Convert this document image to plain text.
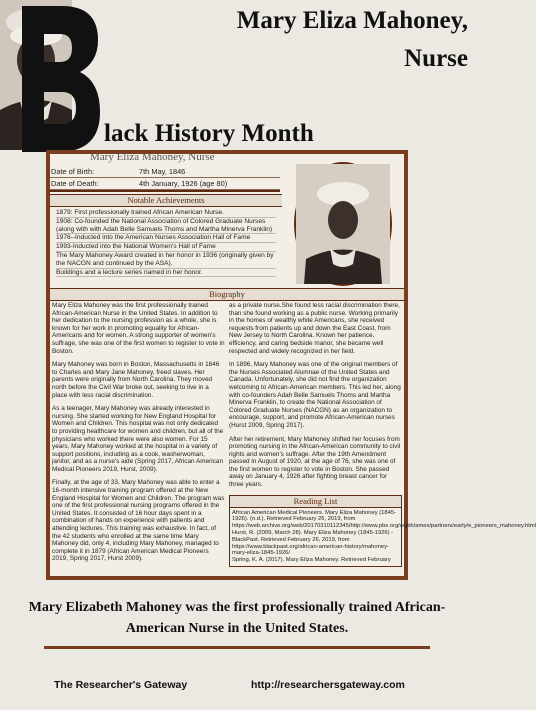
Mary Eliza Mahoney,
Nurse
lack History Month
Mary Eliza Mahoney, Nurse
Date of Birth:	7th May, 1846
Date of Death:	4th January, 1926 (age 80)
Notable Achievements
1879: First professionally trained African American Nurse.
1908: Co-founded the National Association of Colored Graduate Nurses (along with with Adah Belle Samuels Thoms and Martha Minerva Franklin)
1976--Inducted into the American Nurses Association Hall of Fame
1993-Inducted into the National Women's Hall of Fame
The Mary Mahoney Award created in her honor in 1936 (originally given by the NACGN and continued by the ASA).
Buildings and a lecture series named in her honor.
Biography

Mary Eliza Mahoney was the first professionally trained African-American Nurse in the United States. In addition to her dedication to the nursing profession as a whole, she is known for her work in promoting equality for African-Americans and for women. A strong supporter of women's suffrage, she was one of the first women to register to vote in Boston.

Mary Mahoney was born in Boston, Massachusetts in 1846 to Charles and Mary Jane Mahoney, freed slaves. Her parents were originally from North Carolina. They moved north before the Civil War broke out, seeking to live in a place with less racial discrimination.

As a teenager, Mary Mahoney was already interested in nursing. She started working for New England Hospital for Women and Children. This hospital was not only dedicated to providing healthcare for women and children, but all of the physicians who worked there were also women. For 15 years, Mary Mahoney worked at the hospital in a variety of support positions, including as a cook, washerwoman, janitor, and as a nurse's aide (Spring 2017, African American Medical Pioneers 2019, Hurst, 2009).

Finally, at the age of 33, Mary Mahoney was able to enter a 16-month intensive training program offered at the New England Hospital for Women and Children. The program was one of the first professional nursing programs offered in the United States. It consisted of 16 hour days spent in a combination of hands on experience with patients and attending lectures. This training was exhaustive. In fact, of the 42 students who enrolled at the same time Mary Mahoney did, only 4, including Mary Mahoney, managed to complete it in 1879 (African American Medical Pioneers 2019, Spring 2017, Hurst 2009).

as a private nurse.She found less racial discrimination there, than she found working as a public nurse. Working primarily in the homes of wealthy white Americans, she received requests from patients up and down the East Coast, from New Jersey to North Carolina. Known her patience, efficiency, and caring bedside manor, she became well respected and widely recognized in her field.

In 1896, Mary Mahoney was one of the original members of the Nurses Associated Alumnae of the United States and Canada. Unfortunately, she did not find the organization welcoming to African-American members. This led her, along with co-founders Adah Belle Samuels Thoms and Martha Minerva Franklin, to create the National Association of Colored Graduate Nurses (NACGN) as an organization to encourage, support, and promote African-American nurses (Hurst 2009, Spring 2017).

After her retirement, Mary Mahoney shifted her focuses from promoting nursing in the African-American community to civil rights and women's suffrage. After the 19th Amendment passed in August of 1920, at the age of 76, she was one of the first women to register to vote in Boston. She passed away on January 4, 1926 after fighting breast cancer for three years.

Reading List
African American Medical Pioneers. Mary Eliza Mahoney (1845-1926). (n.d.). Retrieved February 26, 2019, from https://web.archive.org/web/20170310112345/http://www.pbs.org/wgbh/amex/partners/early/e_pioneers_mahoney.html
Hurst, R. (2009, March 28). Mary Eliza Mahoney (1845-1926) - BlackPast. Retrieved February 26, 2019, from https://www.blackpast.org/african-american-history/mahoney-mary-eliza-1845-1926/
Spring, K. A. (2017). Mary Eliza Mahoney. Retrieved February
Mary Elizabeth Mahoney was the first professionally trained African-American Nurse in the United States.
The Researcher's Gateway	http://researchersgateway.com
